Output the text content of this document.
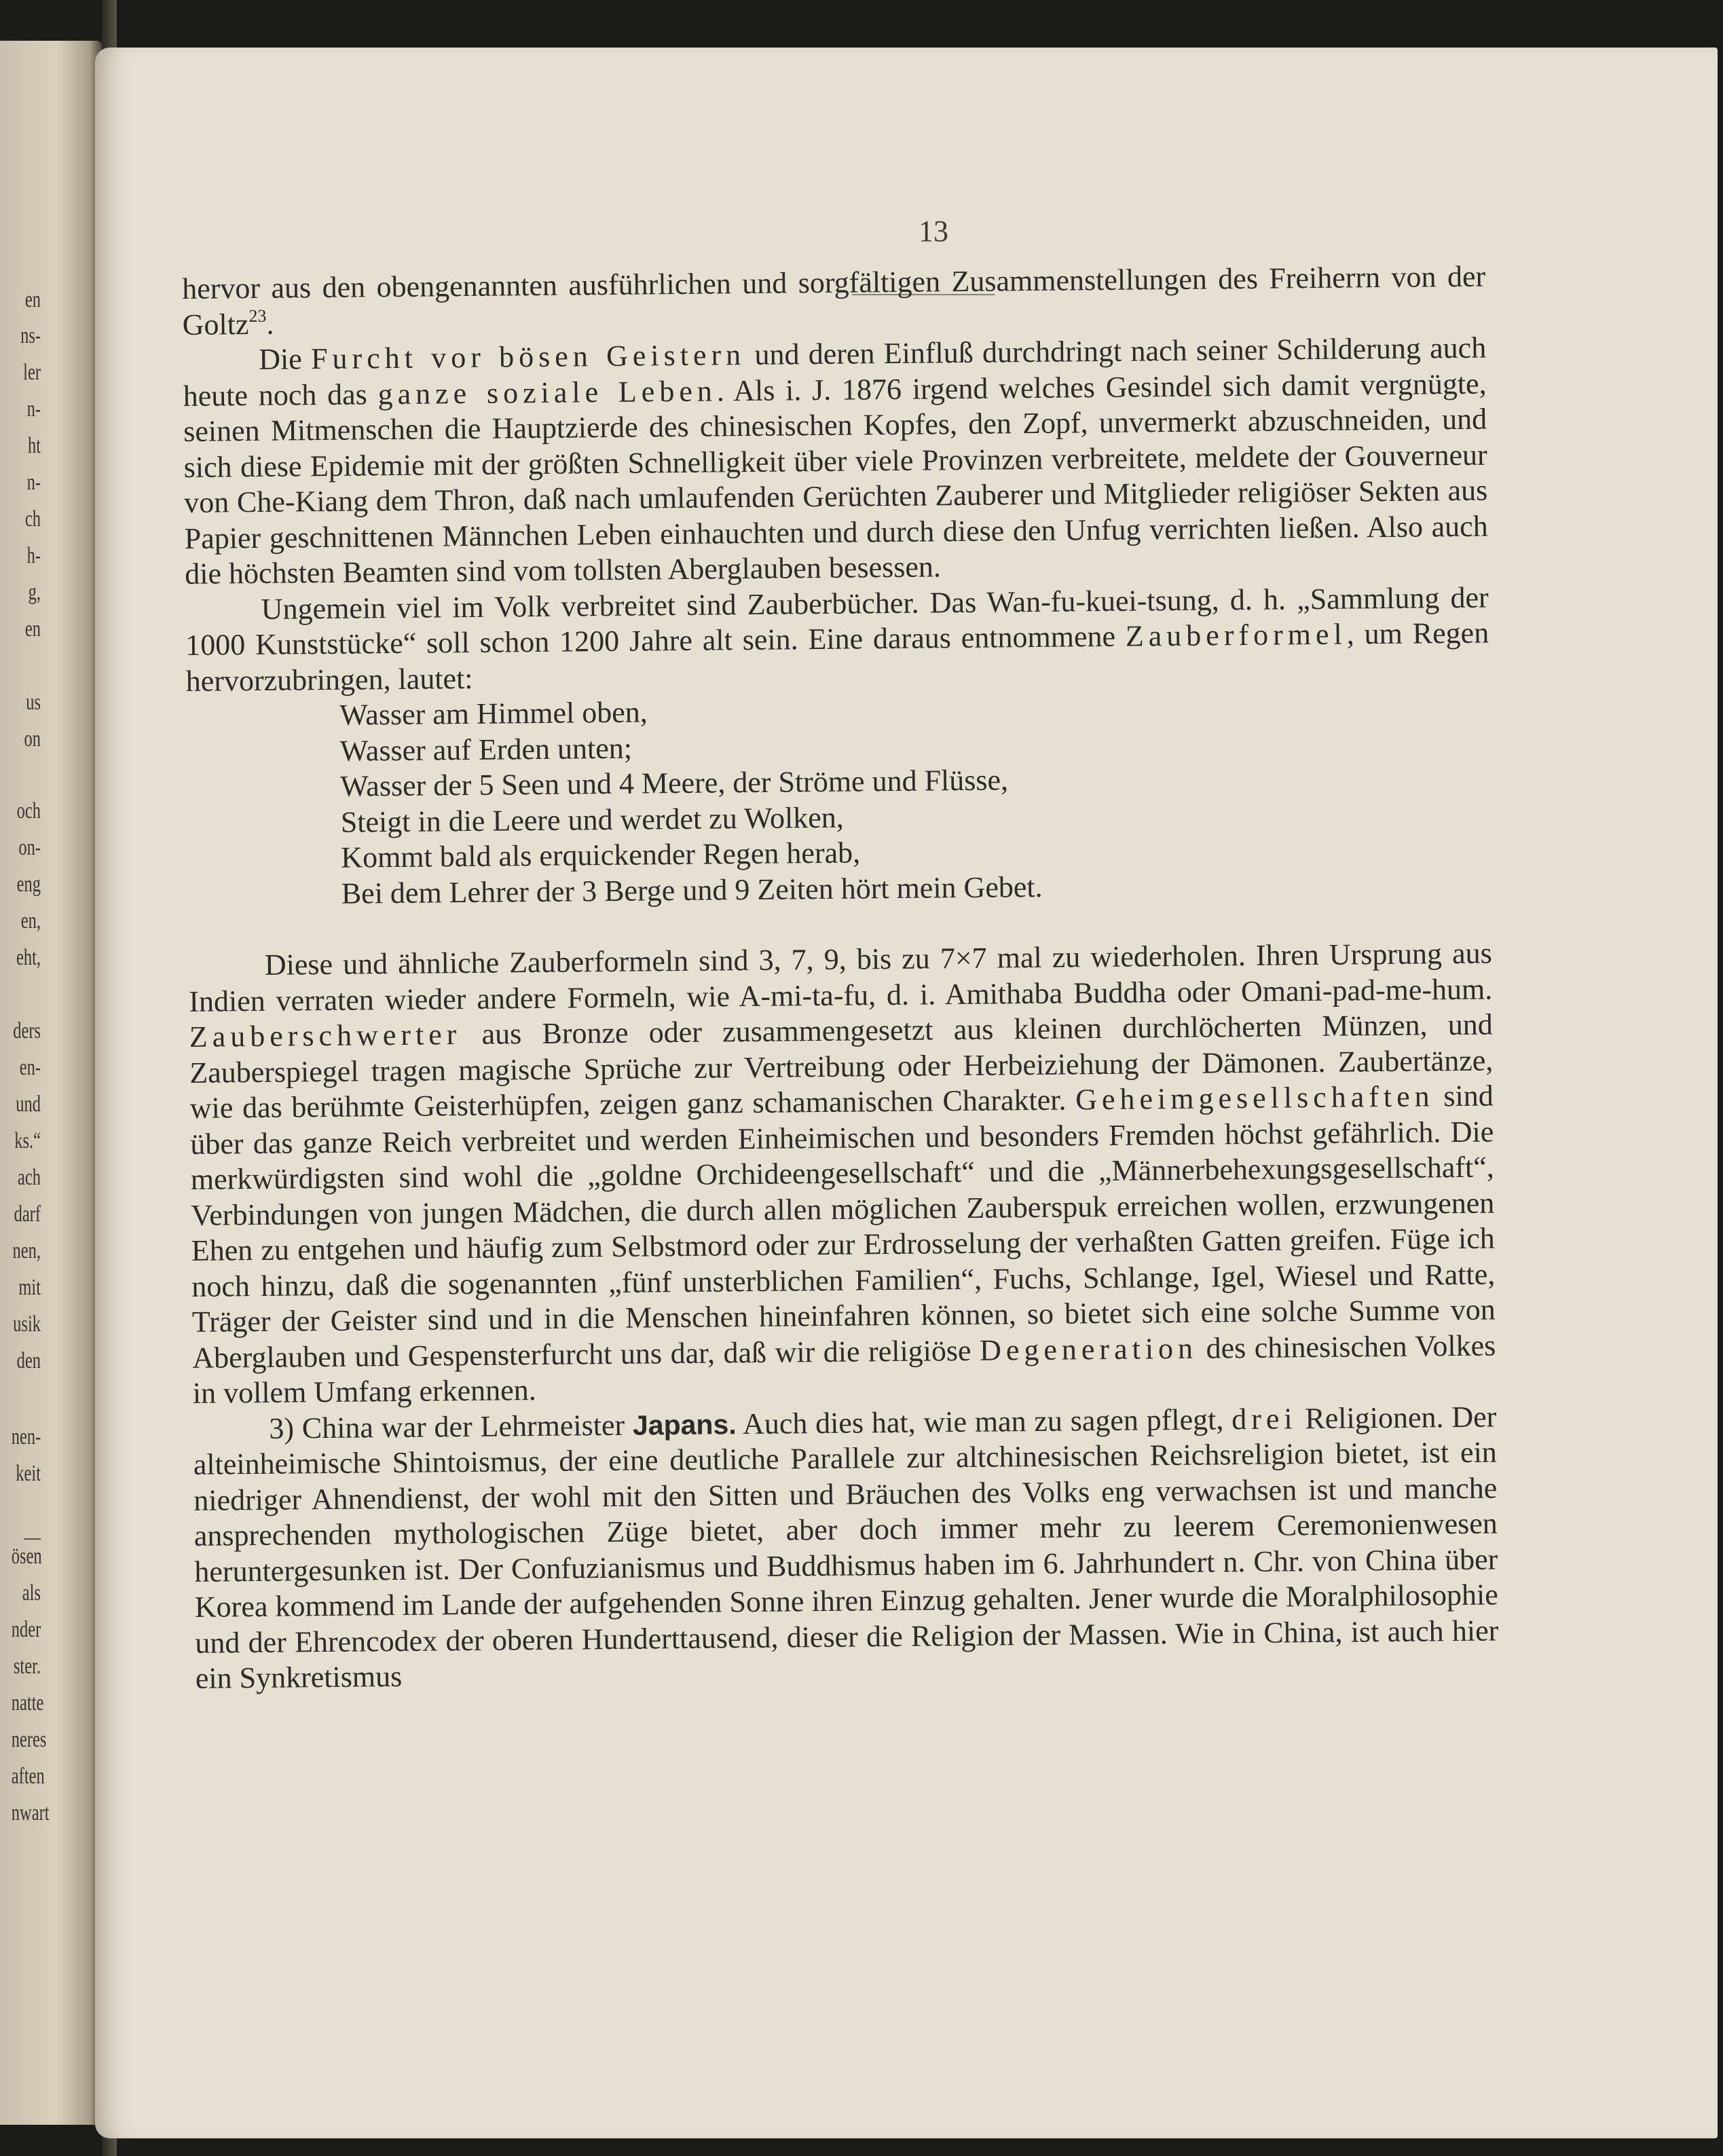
en
ns-
ler
n-
ht
n-
ch
h-
g,
en
us
on
och
on-
eng
en,
eht,
ders
en-
und
ks.“
ach
darf
nen,
mit
usik
den
nen-
keit
—
ösen
als
nder
ster.
natte
neres
aften
nwart
13

hervor aus den obengenannten ausführlichen und sorgfältigen Zusammenstellungen des Freiherrn von der Goltz$^{23}$.

Die Furcht vor bösen Geistern und deren Einfluß durchdringt nach seiner Schilderung auch heute noch das ganze soziale Leben. Als i. J. 1876 irgend welches Gesindel sich damit vergnügte, seinen Mitmenschen die Hauptzierde des chinesischen Kopfes, den Zopf, unvermerkt abzuschneiden, und sich diese Epidemie mit der größten Schnelligkeit über viele Provinzen verbreitete, meldete der Gouverneur von Che-Kiang dem Thron, daß nach umlaufenden Gerüchten Zauberer und Mitglieder religiöser Sekten aus Papier geschnittenen Männchen Leben einhauchten und durch diese den Unfug verrichten ließen. Also auch die höchsten Beamten sind vom tollsten Aberglauben besessen.

Ungemein viel im Volk verbreitet sind Zauberbücher. Das Wan-fu-kuei-tsung, d. h. „Sammlung der 1000 Kunststücke“ soll schon 1200 Jahre alt sein. Eine daraus entnommene Zauberformel, um Regen hervorzubringen, lautet:

Wasser am Himmel oben,
Wasser auf Erden unten;
Wasser der 5 Seen und 4 Meere, der Ströme und Flüsse,
Steigt in die Leere und werdet zu Wolken,
Kommt bald als erquickender Regen herab,
Bei dem Lehrer der 3 Berge und 9 Zeiten hört mein Gebet.

Diese und ähnliche Zauberformeln sind 3, 7, 9, bis zu 7×7 mal zu wiederholen. Ihren Ursprung aus Indien verraten wieder andere Formeln, wie A-mi-ta-fu, d. i. Amithaba Buddha oder Omani-pad-me-hum. Zauberschwerter aus Bronze oder zusammengesetzt aus kleinen durchlöcherten Münzen, und Zauberspiegel tragen magische Sprüche zur Vertreibung oder Herbeiziehung der Dämonen. Zaubertänze, wie das berühmte Geisterhüpfen, zeigen ganz schamanischen Charakter. Geheimgesellschaften sind über das ganze Reich verbreitet und werden Einheimischen und besonders Fremden höchst gefährlich. Die merkwürdigsten sind wohl die „goldne Orchideengesellschaft“ und die „Männerbehexungsgesellschaft“, Verbindungen von jungen Mädchen, die durch allen möglichen Zauberspuk erreichen wollen, erzwungenen Ehen zu entgehen und häufig zum Selbstmord oder zur Erdrosselung der verhaßten Gatten greifen. Füge ich noch hinzu, daß die sogenannten „fünf unsterblichen Familien“, Fuchs, Schlange, Igel, Wiesel und Ratte, Träger der Geister sind und in die Menschen hineinfahren können, so bietet sich eine solche Summe von Aberglauben und Gespensterfurcht uns dar, daß wir die religiöse Degeneration des chinesischen Volkes in vollem Umfang erkennen.

3) China war der Lehrmeister Japans. Auch dies hat, wie man zu sagen pflegt, drei Religionen. Der alteinheimische Shintoismus, der eine deutliche Parallele zur altchinesischen Reichsreligion bietet, ist ein niedriger Ahnendienst, der wohl mit den Sitten und Bräuchen des Volks eng verwachsen ist und manche ansprechenden mythologischen Züge bietet, aber doch immer mehr zu leerem Ceremonienwesen heruntergesunken ist. Der Confuzianismus und Buddhismus haben im 6. Jahrhundert n. Chr. von China über Korea kommend im Lande der aufgehenden Sonne ihren Einzug gehalten. Jener wurde die Moralphilosophie und der Ehrencodex der oberen Hunderttausend, dieser die Religion der Massen. Wie in China, ist auch hier ein Synkretismus
